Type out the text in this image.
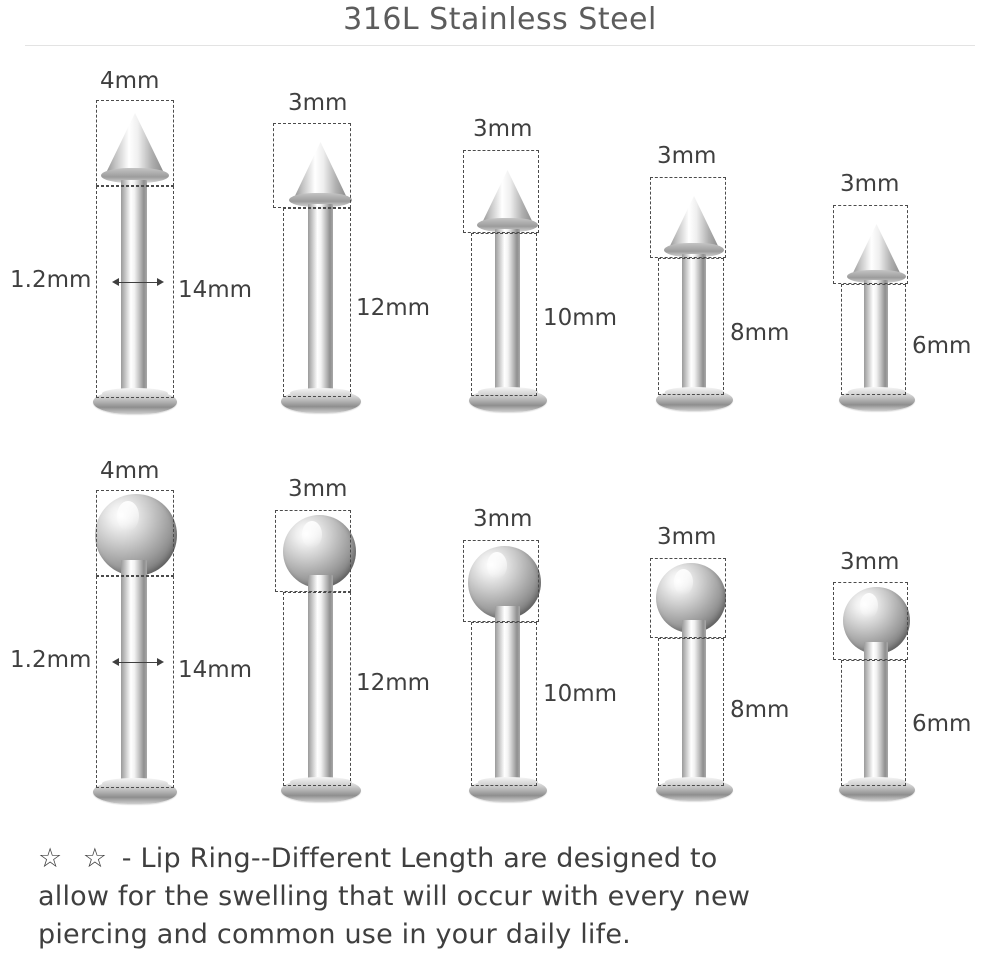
316L Stainless Steel
4mm
14mm
1.2mm
3mm
12mm
3mm
10mm
3mm
8mm
3mm
6mm
4mm
14mm
1.2mm
3mm
12mm
3mm
10mm
3mm
8mm
3mm
6mm
☆ ☆ - Lip Ring--Different Length are designed to
allow for the swelling that will occur with every new
piercing and common use in your daily life.
